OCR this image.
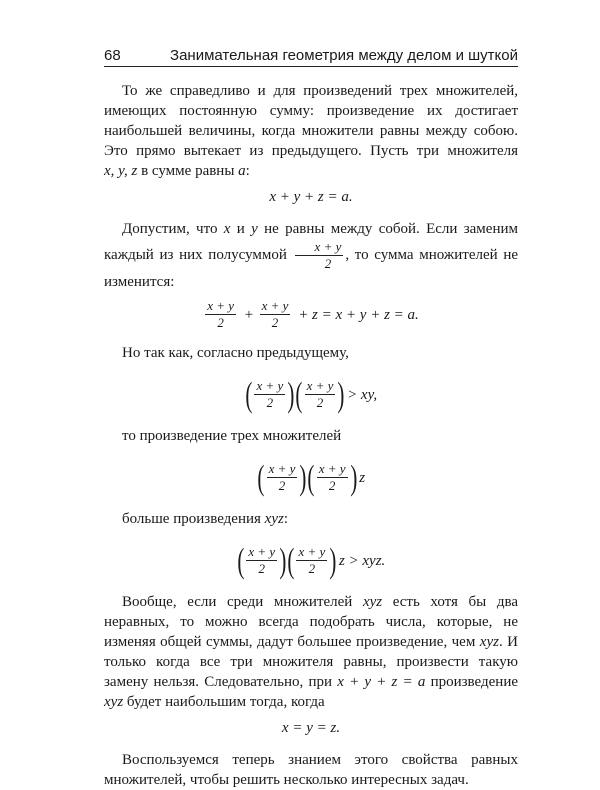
68	Занимательная геометрия между делом и шуткой

То же справедливо и для произведений трех множителей, имеющих постоянную сумму: произведение их достигает наибольшей величины, когда множители равны между собою. Это прямо вытекает из предыдущего. Пусть три множителя x, y, z в сумме равны a:

x + y + z = a.

Допустим, что x и y не равны между собой. Если заменим каждый из них полусуммой $\frac{x + y}{2}$ , то сумма множителей не изменится:

$\frac{x + y}{2} + \frac{x + y}{2} + z = x + y + z = a$.

Но так как, согласно предыдущему,

( $\frac{x + y}{2}$ )( $\frac{x + y}{2}$ ) > xy,

то произведение трех множителей

( $\frac{x + y}{2}$ )( $\frac{x + y}{2}$ ) z

больше произведения xyz:

( $\frac{x + y}{2}$ )( $\frac{x + y}{2}$ ) z > xyz.

Вообще, если среди множителей xyz есть хотя бы два неравных, то можно всегда подобрать числа, которые, не изменяя общей суммы, дадут большее произведение, чем xyz. И только когда все три множителя равны, произвести такую замену нельзя. Следовательно, при x + y + z = a произведение xyz будет наибольшим тогда, когда

x = y = z.

Воспользуемся теперь знанием этого свойства равных множителей, чтобы решить несколько интересных задач.
